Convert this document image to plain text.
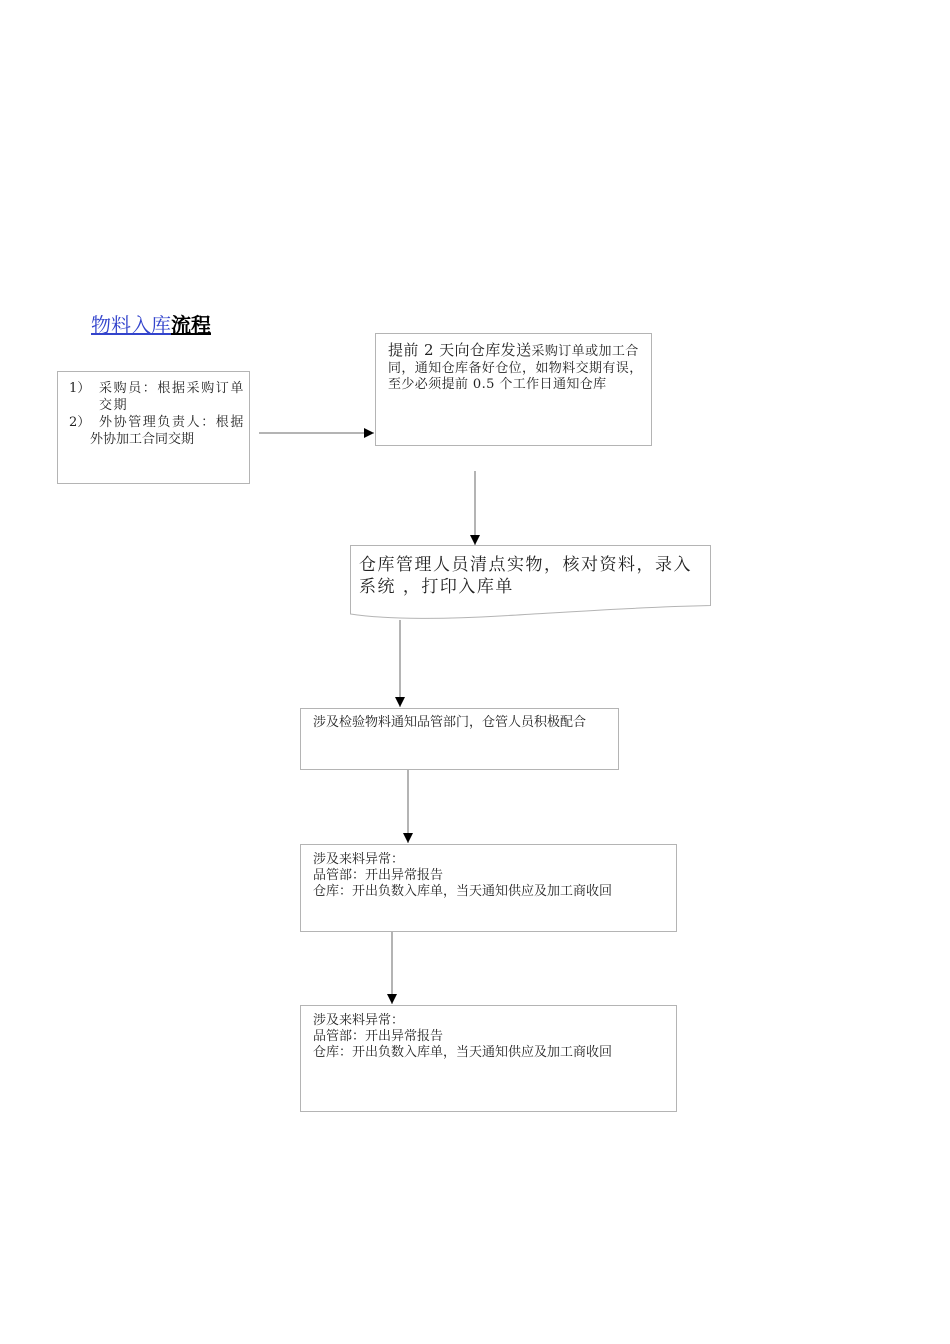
物料入库流程
1） 采购员：根据采购订单交期
2） 外协管理负责人：根据
外协加工合同交期
提前 2 天向仓库发送采购订单或加工合同，通知仓库备好仓位，如物料交期有误，至少必须提前 0.5 个工作日通知仓库
仓库管理人员清点实物，核对资料，录入系统 ，打印入库单
涉及检验物料通知品管部门，仓管人员积极配合
涉及来料异常：
品管部：开出异常报告
仓库：开出负数入库单，当天通知供应及加工商收回
涉及来料异常：
品管部：开出异常报告
仓库：开出负数入库单，当天通知供应及加工商收回
